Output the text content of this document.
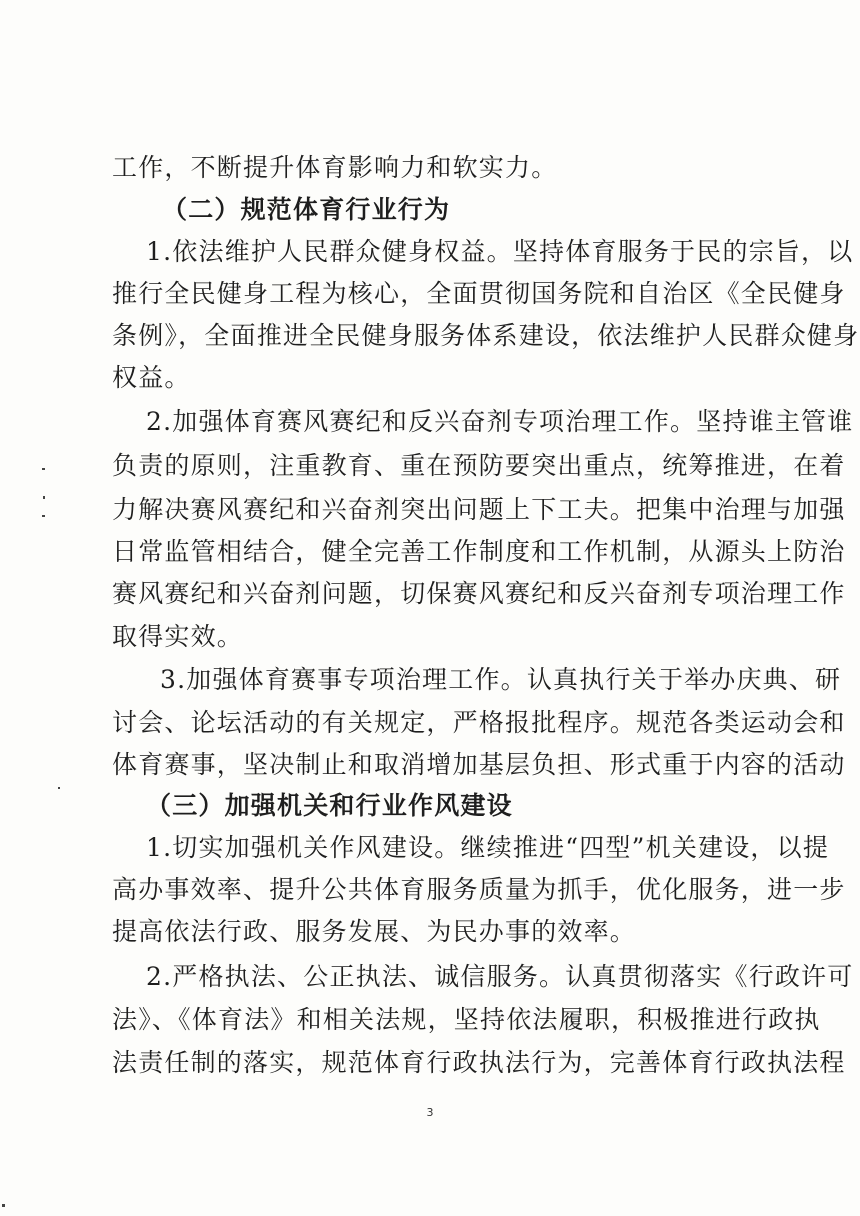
工作，不断提升体育影响力和软实力。
（二）规范体育行业行为
1.依法维护人民群众健身权益。坚持体育服务于民的宗旨，以
推行全民健身工程为核心，全面贯彻国务院和自治区《全民健身
条例》，全面推进全民健身服务体系建设，依法维护人民群众健身
权益。
2.加强体育赛风赛纪和反兴奋剂专项治理工作。坚持谁主管谁
负责的原则，注重教育、重在预防要突出重点，统筹推进，在着
力解决赛风赛纪和兴奋剂突出问题上下工夫。把集中治理与加强
日常监管相结合，健全完善工作制度和工作机制，从源头上防治
赛风赛纪和兴奋剂问题，切保赛风赛纪和反兴奋剂专项治理工作
取得实效。
3.加强体育赛事专项治理工作。认真执行关于举办庆典、研
讨会、论坛活动的有关规定，严格报批程序。规范各类运动会和
体育赛事，坚决制止和取消增加基层负担、形式重于内容的活动
（三）加强机关和行业作风建设
1.切实加强机关作风建设。继续推进“四型”机关建设，以提
高办事效率、提升公共体育服务质量为抓手，优化服务，进一步
提高依法行政、服务发展、为民办事的效率。
2.严格执法、公正执法、诚信服务。认真贯彻落实《行政许可
法》、《体育法》和相关法规，坚持依法履职，积极推进行政执
法责任制的落实，规范体育行政执法行为，完善体育行政执法程
3
